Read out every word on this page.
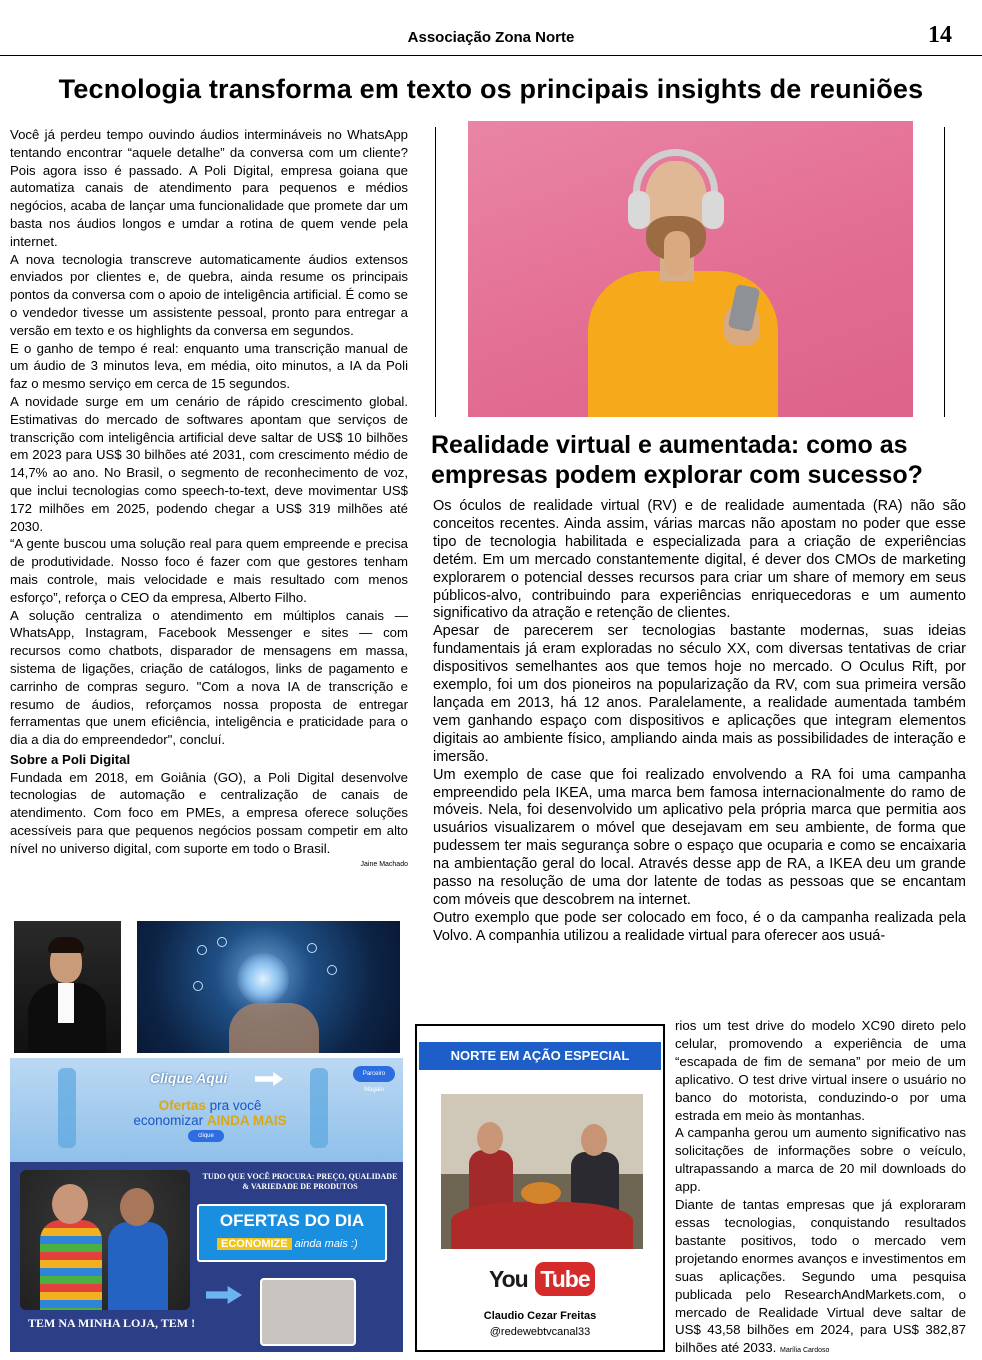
Associação Zona Norte	14
Tecnologia transforma em texto os principais insights de reuniões

Você já perdeu tempo ouvindo áudios intermináveis no WhatsApp tentando encontrar “aquele detalhe” da conversa com um cliente? Pois agora isso é passado. A Poli Digital, empresa goiana que automatiza canais de atendimento para pequenos e médios negócios, acaba de lançar uma funcionalidade que promete dar um basta nos áudios longos e umdar a rotina de quem vende pela internet.

A nova tecnologia transcreve automaticamente áudios extensos enviados por clientes e, de quebra, ainda resume os principais pontos da conversa com o apoio de inteligência artificial. É como se o vendedor tivesse um assistente pessoal, pronto para entregar a versão em texto e os highlights da conversa em segundos.

E o ganho de tempo é real: enquanto uma transcrição manual de um áudio de 3 minutos leva, em média, oito minutos, a IA da Poli faz o mesmo serviço em cerca de 15 segundos.

A novidade surge em um cenário de rápido crescimento global. Estimativas do mercado de softwares apontam que serviços de transcrição com inteligência artificial deve saltar de US$ 10 bilhões em 2023 para US$ 30 bilhões até 2031, com crescimento médio de 14,7% ao ano. No Brasil, o segmento de reconhecimento de voz, que inclui tecnologias como speech-to-text, deve movimentar US$ 172 milhões em 2025, podendo chegar a US$ 319 milhões até 2030.

“A gente buscou uma solução real para quem empreende e precisa de produtividade. Nosso foco é fazer com que gestores tenham mais controle, mais velocidade e mais resultado com menos esforço”, reforça o CEO da empresa, Alberto Filho.

A solução centraliza o atendimento em múltiplos canais — WhatsApp, Instagram, Facebook Messenger e sites — com recursos como chatbots, disparador de mensagens em massa, sistema de ligações, criação de catálogos, links de pagamento e carrinho de compras seguro. "Com a nova IA de transcrição e resumo de áudios, reforçamos nossa proposta de entregar ferramentas que unem eficiência, inteligência e praticidade para o dia a dia do empreendedor", concluí.

Sobre a Poli Digital

Fundada em 2018, em Goiânia (GO), a Poli Digital desenvolve tecnologias de automação e centralização de canais de atendimento. Com foco em PMEs, a empresa oferece soluções acessíveis para que pequenos negócios possam competir em alto nível no universo digital, com suporte em todo o Brasil.

Jaine Machado
Realidade virtual e aumentada: como as empresas podem explorar com sucesso?

Os óculos de realidade virtual (RV) e de realidade aumentada (RA) não são conceitos recentes. Ainda assim, várias marcas não apostam no poder que esse tipo de tecnologia habilitada e especializada para a criação de experiências detém. Em um mercado constantemente digital, é dever dos CMOs de marketing explorarem o potencial desses recursos para criar um share of memory em seus públicos-alvo, contribuindo para experiências enriquecedoras e um aumento significativo da atração e retenção de clientes.

Apesar de parecerem ser tecnologias bastante modernas, suas ideias fundamentais já eram exploradas no século XX, com diversas tentativas de criar dispositivos semelhantes aos que temos hoje no mercado. O Oculus Rift, por exemplo, foi um dos pioneiros na popularização da RV, com sua primeira versão lançada em 2013, há 12 anos. Paralelamente, a realidade aumentada também vem ganhando espaço com dispositivos e aplicações que integram elementos digitais ao ambiente físico, ampliando ainda mais as possibilidades de interação e imersão.

Um exemplo de case que foi realizado envolvendo a RA foi uma campanha empreendido pela IKEA, uma marca bem famosa internacionalmente do ramo de móveis. Nela, foi desenvolvido um aplicativo pela própria marca que permitia aos usuários visualizarem o móvel que desejavam em seu ambiente, de forma que pudessem ter mais segurança sobre o espaço que ocuparia e como se encaixaria na ambientação geral do local. Através desse app de RA, a IKEA deu um grande passo na resolução de uma dor latente de todas as pessoas que se encantam com móveis que descobrem na internet.

Outro exemplo que pode ser colocado em foco, é o da campanha realizada pela Volvo. A companhia utilizou a realidade virtual para oferecer aos usuá-

rios um test drive do modelo XC90 direto pelo celular, promovendo a experiência de uma “escapada de fim de semana” por meio de um aplicativo. O test drive virtual insere o usuário no banco do motorista, conduzindo-o por uma estrada em meio às montanhas.

A campanha gerou um aumento significativo nas solicitações de informações sobre o veículo, ultrapassando a marca de 20 mil downloads do app.

Diante de tantas empresas que já exploraram essas tecnologias, conquistando resultados bastante positivos, todo o mercado vem projetando enormes avanços e investimentos em suas aplicações. Segundo uma pesquisa publicada pelo ResearchAndMarkets.com, o mercado de Realidade Virtual deve saltar de US$ 43,58 bilhões em 2024, para US$ 382,87 bilhões até 2033. Marília Cardoso

Clique Aqui	Parceiro Magalu
Ofertas pra você
economizar AINDA MAIS
clique
TUDO QUE VOCÊ PROCURA: PREÇO, QUALIDADE & VARIEDADE DE PRODUTOS
OFERTAS DO DIA
ECONOMIZE ainda mais :)
TEM NA MINHA LOJA, TEM !
NORTE EM AÇÃO ESPECIAL
You Tube
Claudio Cezar Freitas
@redewebtvcanal33
